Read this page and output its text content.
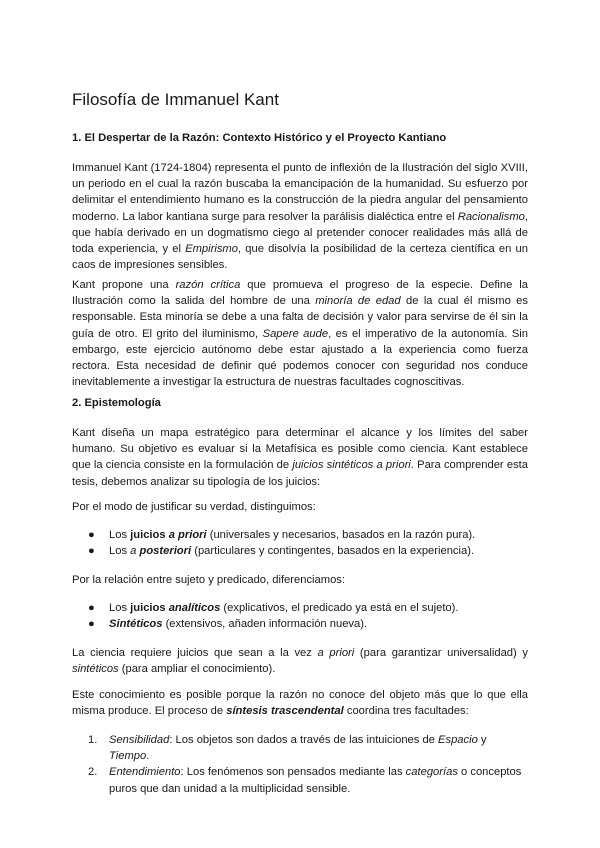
Filosofía de Immanuel Kant
1. El Despertar de la Razón: Contexto Histórico y el Proyecto Kantiano

Immanuel Kant (1724-1804) representa el punto de inflexión de la Ilustración del siglo XVIII, un periodo en el cual la razón buscaba la emancipación de la humanidad. Su esfuerzo por delimitar el entendimiento humano es la construcción de la piedra angular del pensamiento moderno. La labor kantiana surge para resolver la parálisis dialéctica entre el Racionalismo, que había derivado en un dogmatismo ciego al pretender conocer realidades más allá de toda experiencia, y el Empirismo, que disolvía la posibilidad de la certeza científica en un caos de impresiones sensibles.

Kant propone una razón crítica que promueva el progreso de la especie. Define la Ilustración como la salida del hombre de una minoría de edad de la cual él mismo es responsable. Esta minoría se debe a una falta de decisión y valor para servirse de él sin la guía de otro. El grito del iluminismo, Sapere aude, es el imperativo de la autonomía. Sin embargo, este ejercicio autónomo debe estar ajustado a la experiencia como fuerza rectora. Esta necesidad de definir qué podemos conocer con seguridad nos conduce inevitablemente a investigar la estructura de nuestras facultades cognoscitivas.

2. Epistemología

Kant diseña un mapa estratégico para determinar el alcance y los límites del saber humano. Su objetivo es evaluar si la Metafísica es posible como ciencia. Kant establece que la ciencia consiste en la formulación de juicios sintéticos a priori. Para comprender esta tesis, debemos analizar su tipología de los juicios:

Por el modo de justificar su verdad, distinguimos:

● Los juicios a priori (universales y necesarios, basados en la razón pura).
● Los a posteriori (particulares y contingentes, basados en la experiencia).

Por la relación entre sujeto y predicado, diferenciamos:

● Los juicios analíticos (explicativos, el predicado ya está en el sujeto).
● Sintéticos (extensivos, añaden información nueva).

La ciencia requiere juicios que sean a la vez a priori (para garantizar universalidad) y sintéticos (para ampliar el conocimiento).

Este conocimiento es posible porque la razón no conoce del objeto más que lo que ella misma produce. El proceso de síntesis trascendental coordina tres facultades:

1. Sensibilidad: Los objetos son dados a través de las intuiciones de Espacio y Tiempo.
2. Entendimiento: Los fenómenos son pensados mediante las categorías o conceptos puros que dan unidad a la multiplicidad sensible.
